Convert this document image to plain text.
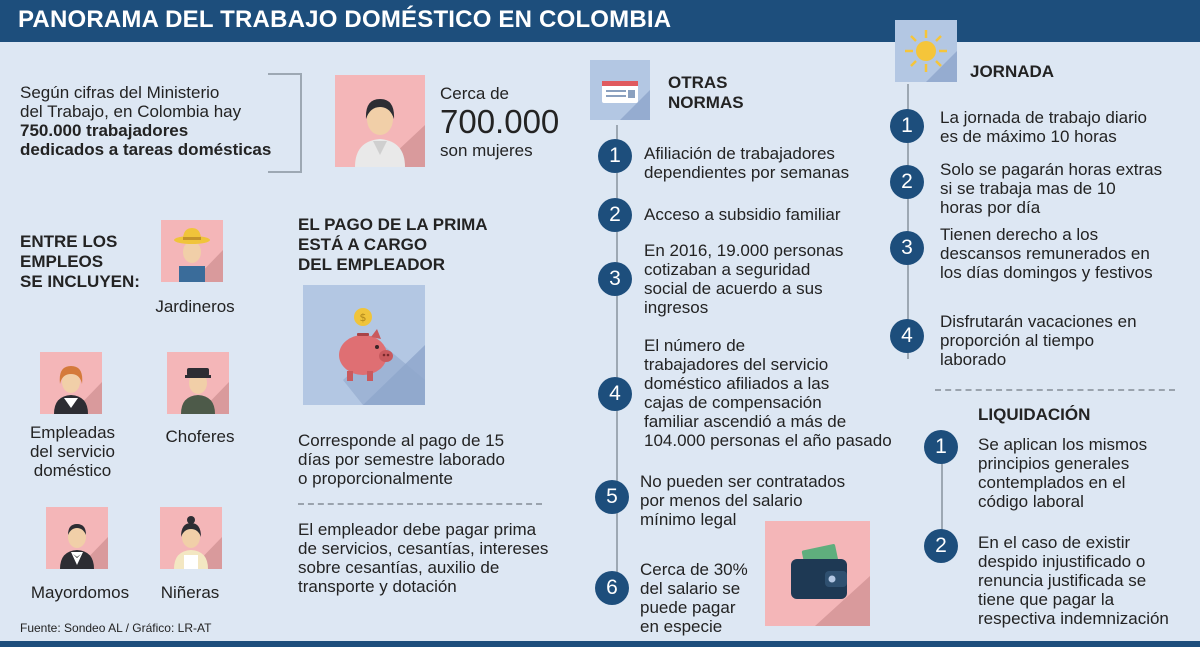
PANORAMA DEL TRABAJO DOMÉSTICO EN COLOMBIA
Según cifras del Ministerio
del Trabajo, en Colombia hay
750.000 trabajadores
dedicados a tareas domésticas
Cerca de
700.000
son mujeres
ENTRE LOS
EMPLEOS
SE INCLUYEN:
Jardineros
Empleadas
del servicio
doméstico
Choferes
Mayordomos	Niñeras
EL PAGO DE LA PRIMA
ESTÁ A CARGO
DEL EMPLEADOR
$
Corresponde al pago de 15
días por semestre laborado
o proporcionalmente
El empleador debe pagar prima
de servicios, cesantías, intereses
sobre cesantías, auxilio de
transporte y dotación
OTRAS
NORMAS
1	Afiliación de trabajadores
dependientes por semanas
2	Acceso a subsidio familiar
3
En 2016, 19.000 personas
cotizaban a seguridad
social de acuerdo a sus
ingresos
4
El número de
trabajadores del servicio
doméstico afiliados a las
cajas de compensación
familiar ascendió a más de
104.000 personas el año pasado
5
No pueden ser contratados
por menos del salario
mínimo legal
6
Cerca de 30%
del salario se
puede pagar
en especie
JORNADA
1	La jornada de trabajo diario
es de máximo 10 horas
2
Solo se pagarán horas extras
si se trabaja mas de 10
horas por día
3
Tienen derecho a los
descansos remunerados en
los días domingos y festivos
4
Disfrutarán vacaciones en
proporción al tiempo
laborado
LIQUIDACIÓN
1	Se aplican los mismos
principios generales
contemplados en el
código laboral
2	En el caso de existir
despido injustificado o
renuncia justificada se
tiene que pagar la
respectiva indemnización
Fuente: Sondeo AL / Gráfico: LR-AT
